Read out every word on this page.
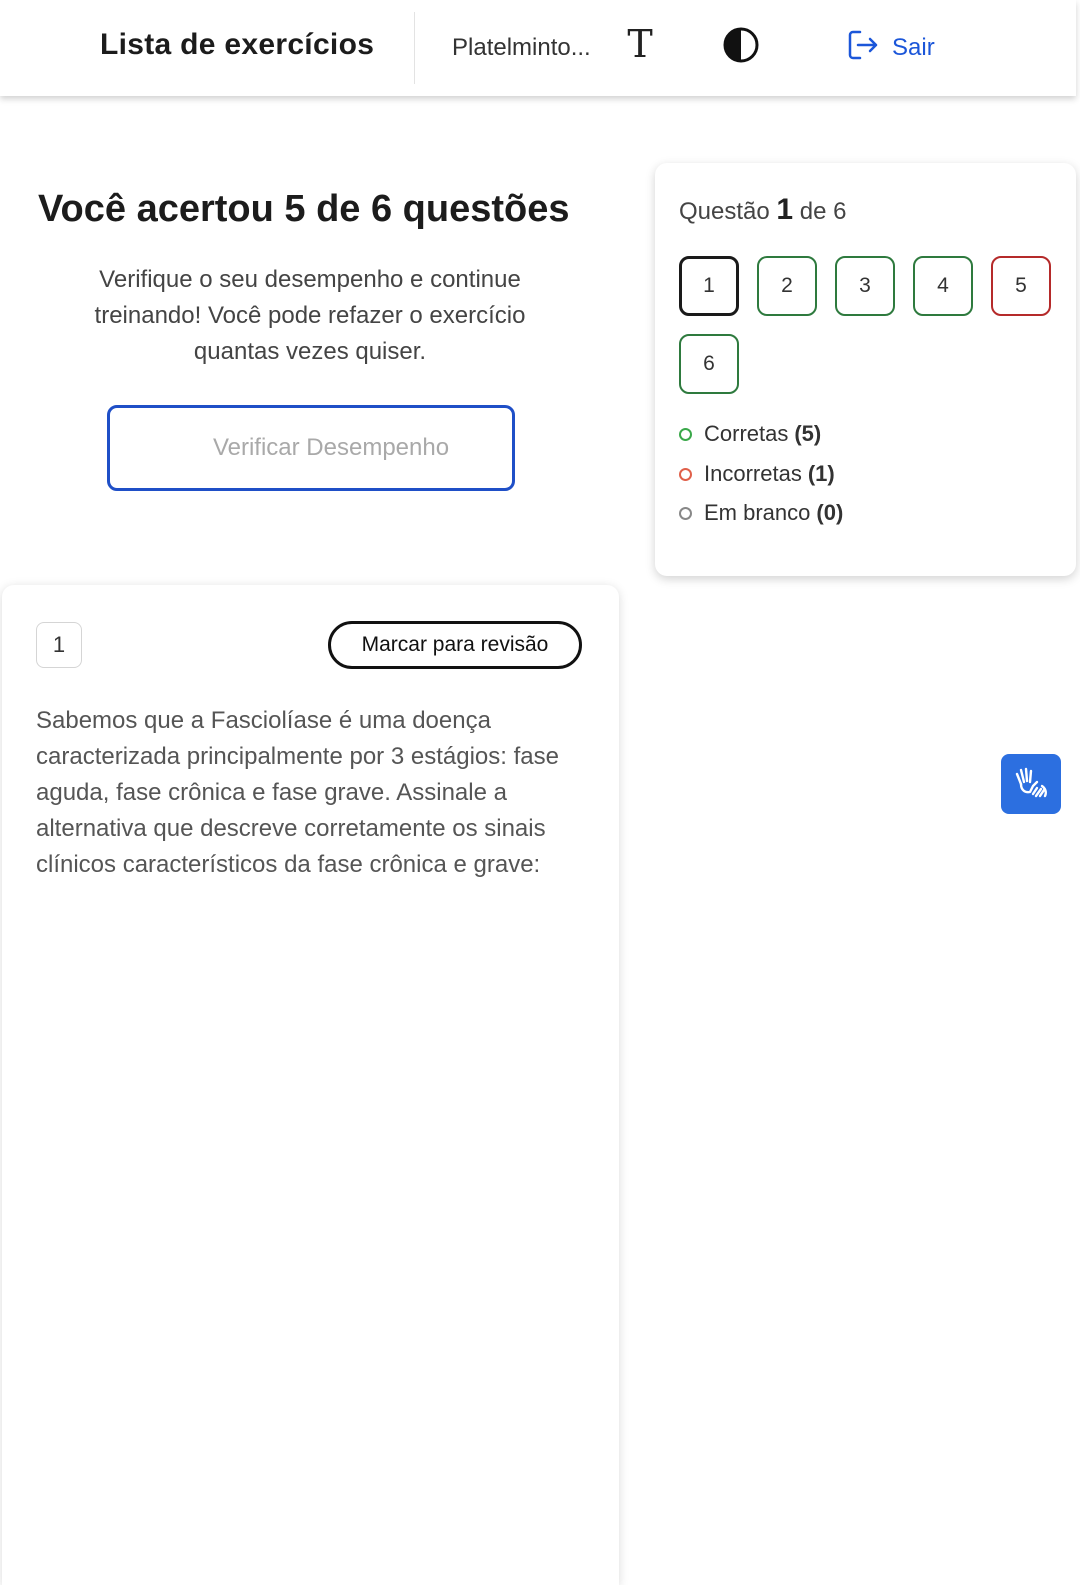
Lista de exercícios	Platelminto... T	Sair
Você acertou 5 de 6 questões
Verifique o seu desempenho e continue treinando! Você pode refazer o exercício quantas vezes quiser.
Verificar Desempenho
Questão 1 de 6
1	2	3	4	5
6
Corretas (5)
Incorretas (1)
Em branco (0)
1	Marcar para revisão
Sabemos que a Fasciolíase é uma doença caracterizada principalmente por 3 estágios: fase aguda, fase crônica e fase grave. Assinale a alternativa que descreve corretamente os sinais clínicos característicos da fase crônica e grave:
